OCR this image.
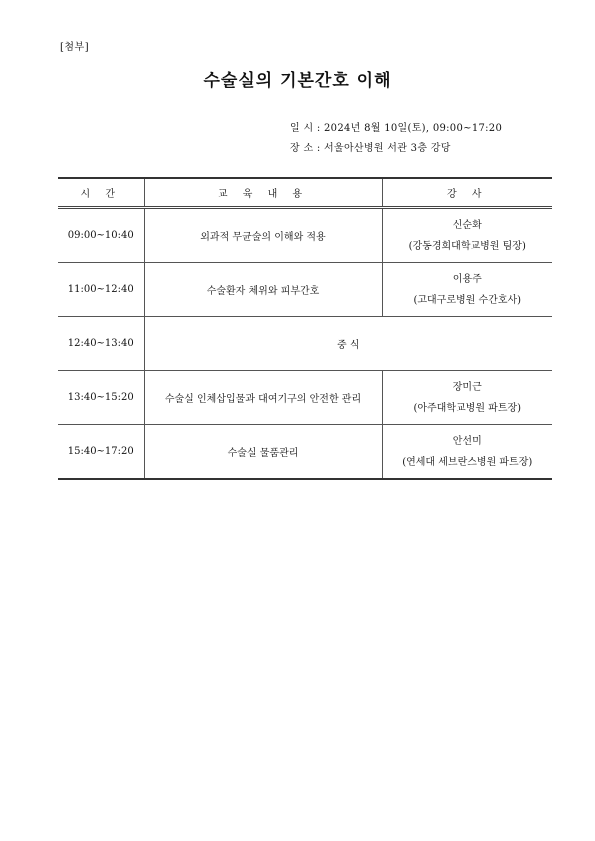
[첨부]
수술실의 기본간호 이해
일 시 : 2024년 8월 10일(토), 09:00~17:20
장 소 : 서울아산병원 서관 3층 강당
시 간	교 육 내 용	강 사
09:00~10:40	외과적 무균술의 이해와 적용	신순화
(강동경희대학교병원 팀장)

11:00~12:40	수술환자 체위와 피부간호	이용주
(고대구로병원 수간호사)

12:40~13:40	중 식	
13:40~15:20	수술실 인체삽입물과 대여기구의 안전한 관리	장미근
(아주대학교병원 파트장)

15:40~17:20	수술실 물품관리	안선미
(연세대 세브란스병원 파트장)
